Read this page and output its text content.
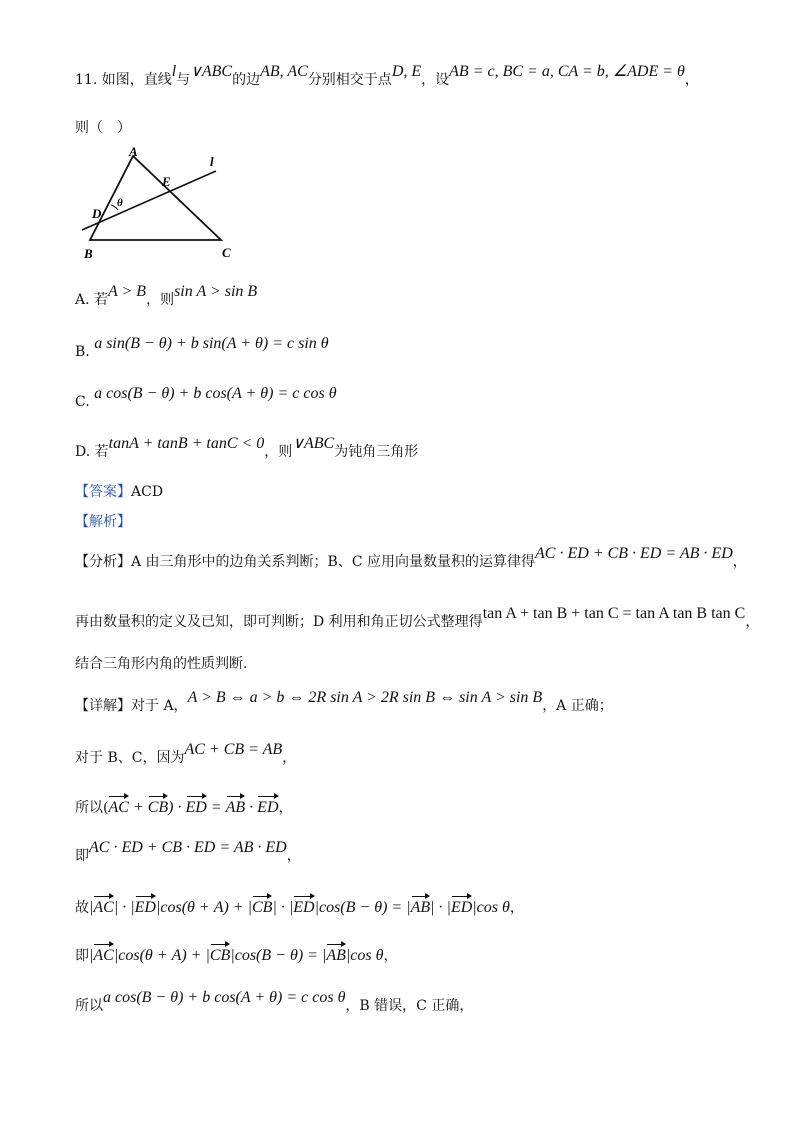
11. 如图，直线l与∨ABC的边AB, AC分别相交于点D, E，设AB = c, BC = a, CA = b, ∠ADE = θ，
则（　）
A
B	C
D
E
l
θ
A. 若A > B，则sin A > sin B
B. a sin(B − θ) + b sin(A + θ) = c sin θ
C. a cos(B − θ) + b cos(A + θ) = c cos θ
D. 若tanA + tanB + tanC < 0，则∨ABC为钝角三角形
【答案】ACD
【解析】
【分析】A 由三角形中的边角关系判断；B、C 应用向量数量积的运算律得AC · ED + CB · ED = AB · ED，
再由数量积的定义及已知，即可判断；D 利用和角正切公式整理得tan A + tan B + tan C = tan A tan B tan C，
结合三角形内角的性质判断.
【详解】对于 A，A > B ⇔ a > b ⇔ 2R sin A > 2R sin B ⇔ sin A > sin B，A 正确；
对于 B、C，因为AC + CB = AB，
所以(AC + CB) · ED = AB · ED，
即AC · ED + CB · ED = AB · ED，
故|AC| · |ED|cos(θ + A) + |CB| · |ED|cos(B − θ) = |AB| · |ED|cos θ，
即|AC|cos(θ + A) + |CB|cos(B − θ) = |AB|cos θ，
所以a cos(B − θ) + b cos(A + θ) = c cos θ，B 错误，C 正确，
